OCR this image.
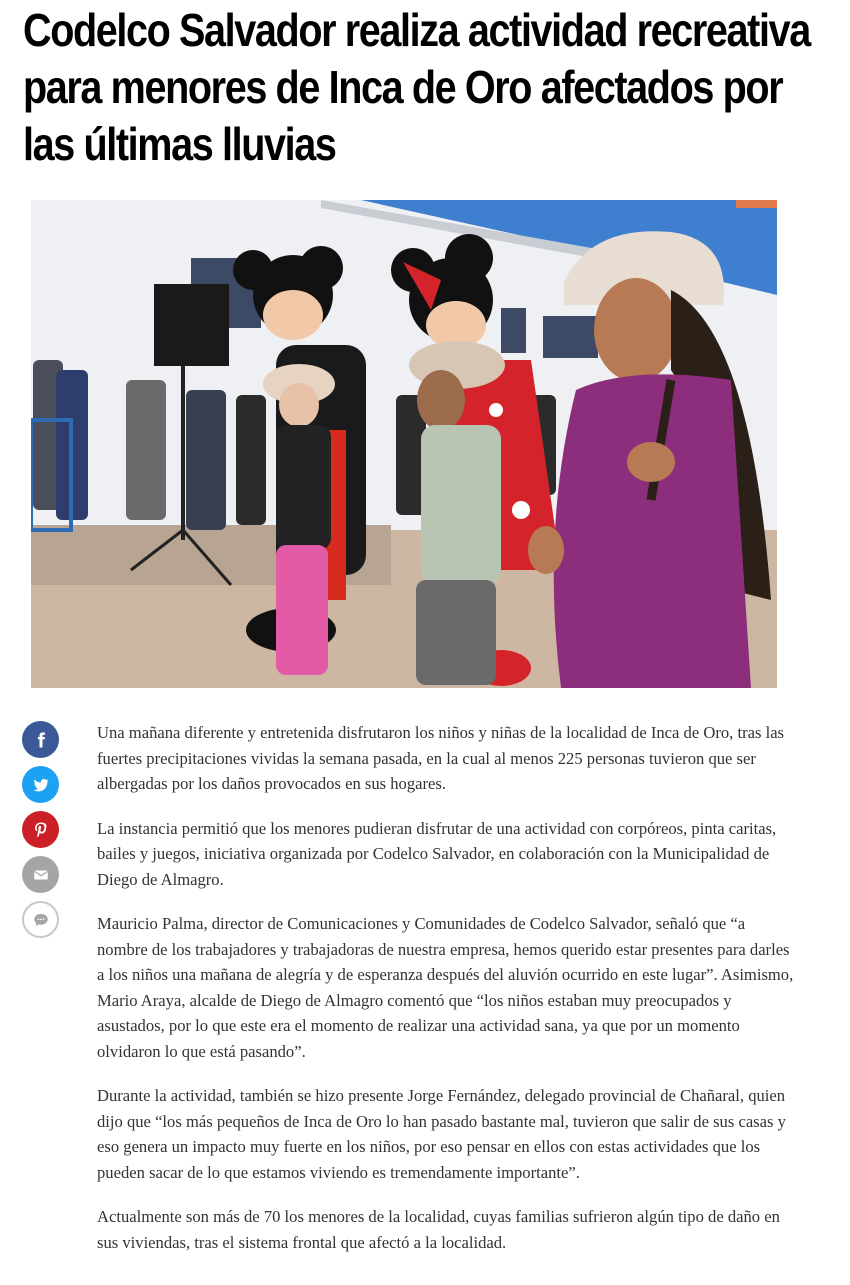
Codelco Salvador realiza actividad recreativa para menores de Inca de Oro afectados por las últimas lluvias

Una mañana diferente y entretenida disfrutaron los niños y niñas de la localidad de Inca de Oro, tras las fuertes precipitaciones vividas la semana pasada, en la cual al menos 225 personas tuvieron que ser albergadas por los daños provocados en sus hogares.

La instancia permitió que los menores pudieran disfrutar de una actividad con corpóreos, pinta caritas, bailes y juegos, iniciativa organizada por Codelco Salvador, en colaboración con la Municipalidad de Diego de Almagro.

Mauricio Palma, director de Comunicaciones y Comunidades de Codelco Salvador, señaló que “a nombre de los trabajadores y trabajadoras de nuestra empresa, hemos querido estar presentes para darles a los niños una mañana de alegría y de esperanza después del aluvión ocurrido en este lugar”. Asimismo, Mario Araya, alcalde de Diego de Almagro comentó que “los niños estaban muy preocupados y asustados, por lo que este era el momento de realizar una actividad sana, ya que por un momento olvidaron lo que está pasando”.

Durante la actividad, también se hizo presente Jorge Fernández, delegado provincial de Chañaral, quien dijo que “los más pequeños de Inca de Oro lo han pasado bastante mal, tuvieron que salir de sus casas y eso genera un impacto muy fuerte en los niños, por eso pensar en ellos con estas actividades que los pueden sacar de lo que estamos viviendo es tremendamente importante”.

Actualmente son más de 70 los menores de la localidad, cuyas familias sufrieron algún tipo de daño en sus viviendas, tras el sistema frontal que afectó a la localidad.
